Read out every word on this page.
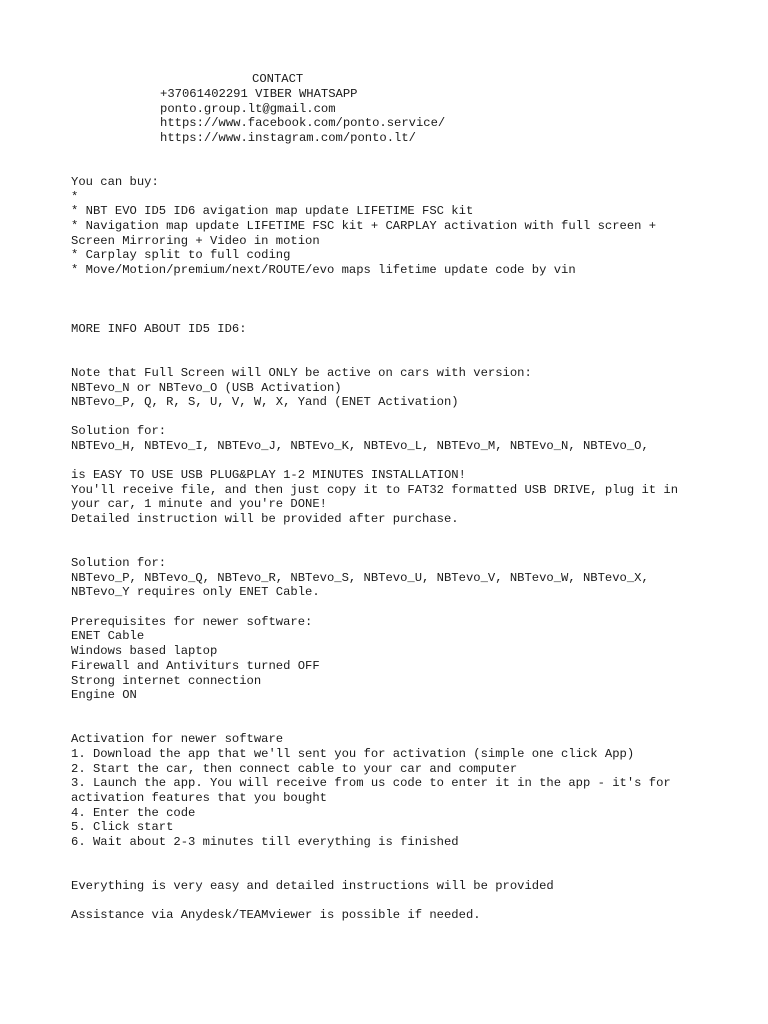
CONTACT
+37061402291 VIBER WHATSAPP
ponto.group.lt@gmail.com
https://www.facebook.com/ponto.service/
https://www.instagram.com/ponto.lt/
You can buy:
*
* NBT EVO ID5 ID6 avigation map update LIFETIME FSC kit
* Navigation map update LIFETIME FSC kit + CARPLAY activation with full screen +
Screen Mirroring + Video in motion
* Carplay split to full coding
* Move/Motion/premium/next/ROUTE/evo maps lifetime update code by vin
MORE INFO ABOUT ID5 ID6:
Note that Full Screen will ONLY be active on cars with version:
NBTevo_N or NBTevo_O (USB Activation)
NBTevo_P, Q, R, S, U, V, W, X, Yand (ENET Activation)
Solution for:
NBTEvo_H, NBTEvo_I, NBTEvo_J, NBTEvo_K, NBTEvo_L, NBTEvo_M, NBTEvo_N, NBTEvo_O,
is EASY TO USE USB PLUG&PLAY 1-2 MINUTES INSTALLATION!
You'll receive file, and then just copy it to FAT32 formatted USB DRIVE, plug it in
your car, 1 minute and you're DONE!
Detailed instruction will be provided after purchase.
Solution for:
NBTevo_P, NBTevo_Q, NBTevo_R, NBTevo_S, NBTevo_U, NBTevo_V, NBTevo_W, NBTevo_X,
NBTevo_Y requires only ENET Cable.
Prerequisites for newer software:
ENET Cable
Windows based laptop
Firewall and Antiviturs turned OFF
Strong internet connection
Engine ON
Activation for newer software
1. Download the app that we'll sent you for activation (simple one click App)
2. Start the car, then connect cable to your car and computer
3. Launch the app. You will receive from us code to enter it in the app - it's for
activation features that you bought
4. Enter the code
5. Click start
6. Wait about 2-3 minutes till everything is finished
Everything is very easy and detailed instructions will be provided
Assistance via Anydesk/TEAMviewer is possible if needed.
